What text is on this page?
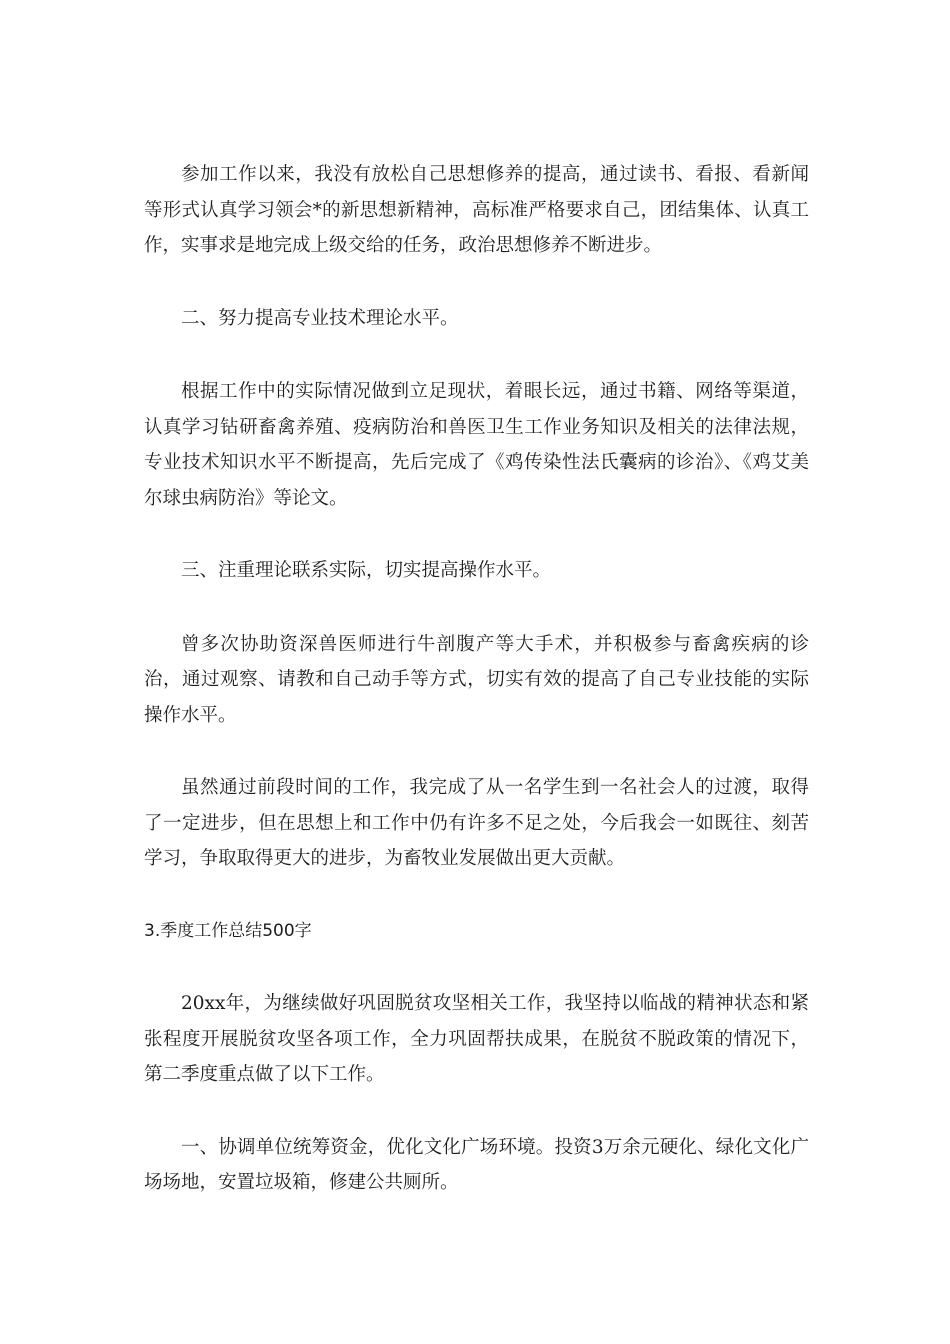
参加工作以来，我没有放松自己思想修养的提高，通过读书、看报、看新闻等形式认真学习领会*的新思想新精神，高标准严格要求自己，团结集体、认真工作，实事求是地完成上级交给的任务，政治思想修养不断进步。

二、努力提高专业技术理论水平。

根据工作中的实际情况做到立足现状，着眼长远，通过书籍、网络等渠道，认真学习钻研畜禽养殖、疫病防治和兽医卫生工作业务知识及相关的法律法规，专业技术知识水平不断提高，先后完成了《鸡传染性法氏囊病的诊治》、《鸡艾美尔球虫病防治》等论文。

三、注重理论联系实际，切实提高操作水平。

曾多次协助资深兽医师进行牛剖腹产等大手术，并积极参与畜禽疾病的诊治，通过观察、请教和自己动手等方式，切实有效的提高了自己专业技能的实际操作水平。

虽然通过前段时间的工作，我完成了从一名学生到一名社会人的过渡，取得了一定进步，但在思想上和工作中仍有许多不足之处，今后我会一如既往、刻苦学习，争取取得更大的进步，为畜牧业发展做出更大贡献。

3.季度工作总结500字

20xx年，为继续做好巩固脱贫攻坚相关工作，我坚持以临战的精神状态和紧张程度开展脱贫攻坚各项工作，全力巩固帮扶成果，在脱贫不脱政策的情况下，第二季度重点做了以下工作。

一、协调单位统筹资金，优化文化广场环境。投资3万余元硬化、绿化文化广场场地，安置垃圾箱，修建公共厕所。
